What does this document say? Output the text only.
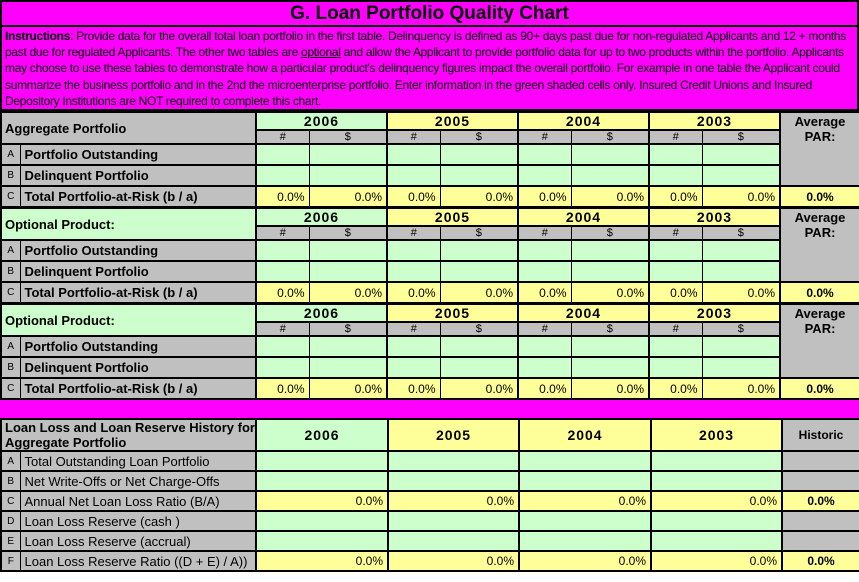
G. Loan Portfolio Quality Chart
Instructions: Provide data for the overall total loan portfolio in the first table. Delinquency is defined as 90+ days past due for non-regulated Applicants and 12 + months past due for regulated Applicants. The other two tables are optional and allow the Applicant to provide portfolio data for up to two products within the portfolio. Applicants may choose to use these tables to demonstrate how a particular product's delinquency figures impact the overall portfolio. For example in one table the Applicant could summarize the business portfolio and in the 2nd the microenterprise portfolio. Enter information in the green shaded cells only. Insured Credit Unions and Insured Depository Institutions are NOT required to complete this chart.
Aggregate Portfolio		2006		2005		2004		2003		Average PAR:
		#	$	#	$	#	$	#	$	
A	Portfolio Outstanding									
B	Delinquent Portfolio									
C	Total Portfolio-at-Risk (b / a)	0.0%	0.0%	0.0%	0.0%	0.0%	0.0%	0.0%	0.0%	0.0%
Optional Product:		2006		2005		2004		2003		Average PAR:
		#	$	#	$	#	$	#	$	
A	Portfolio Outstanding									
B	Delinquent Portfolio									
C	Total Portfolio-at-Risk (b / a)	0.0%	0.0%	0.0%	0.0%	0.0%	0.0%	0.0%	0.0%	0.0%
Optional Product:		2006		2005		2004		2003		Average PAR:
		#	$	#	$	#	$	#	$	
A	Portfolio Outstanding									
B	Delinquent Portfolio									
C	Total Portfolio-at-Risk (b / a)	0.0%	0.0%	0.0%	0.0%	0.0%	0.0%	0.0%	0.0%	0.0%
Loan Loss and Loan Reserve History for Aggregate Portfolio		2006	2005	2004	2003	Historic
A	Total Outstanding Loan Portfolio					
B	Net Write-Offs or Net Charge-Offs					
C	Annual Net Loan Loss Ratio (B/A)	0.0%	0.0%	0.0%	0.0%	0.0%
D	Loan Loss Reserve (cash )					
E	Loan Loss Reserve (accrual)					
F	Loan Loss Reserve Ratio ((D + E) / A))	0.0%	0.0%	0.0%	0.0%	0.0%
